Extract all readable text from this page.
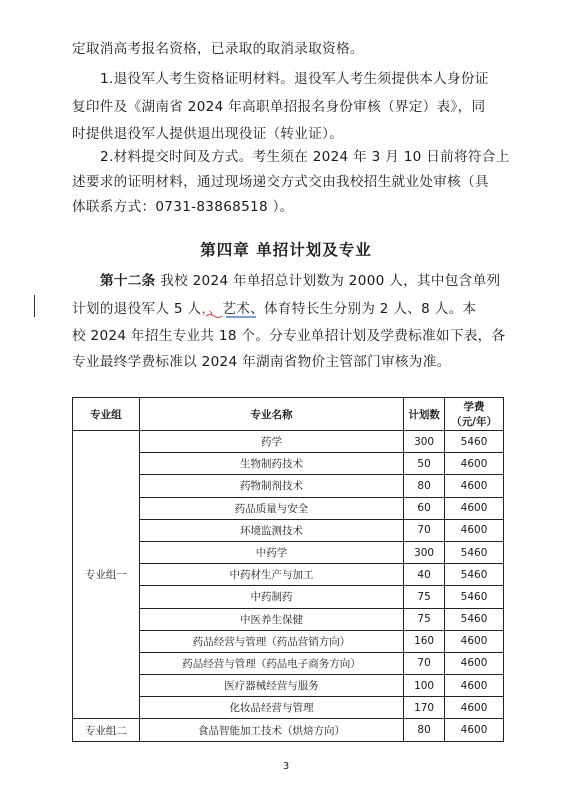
定取消高考报名资格，已录取的取消录取资格。
1.退役军人考生资格证明材料。退役军人考生须提供本人身份证
复印件及《湖南省 2024 年高职单招报名身份审核（界定）表》，同
时提供退役军人提供退出现役证（转业证）。
2.材料提交时间及方式。考生须在 2024 年 3 月 10 日前将符合上
述要求的证明材料，通过现场递交方式交由我校招生就业处审核（具
体联系方式：0731-83868518 ）。
第四章 单招计划及专业
第十二条 我校 2024 年单招总计划数为 2000 人，其中包含单列
计划的退役军人 5 人，、艺术、体育特长生分别为 2 人、8 人。本
校 2024 年招生专业共 18 个。分专业单招计划及学费标准如下表，各
专业最终学费标准以 2024 年湖南省物价主管部门审核为准。
专业组	专业名称	计划数	学费
（元/年）

专业组一	药学	300	5460
	生物制药技术	50	4600
	药物制剂技术	80	4600
	药品质量与安全	60	4600
	环境监测技术	70	4600
	中药学	300	5460
	中药材生产与加工	40	5460
	中药制药	75	5460
	中医养生保健	75	5460
	药品经营与管理（药品营销方向）	160	4600
	药品经营与管理（药品电子商务方向）	70	4600
	医疗器械经营与服务	100	4600
	化妆品经营与管理	170	4600
专业组二	食品智能加工技术（烘焙方向）	80	4600
3
